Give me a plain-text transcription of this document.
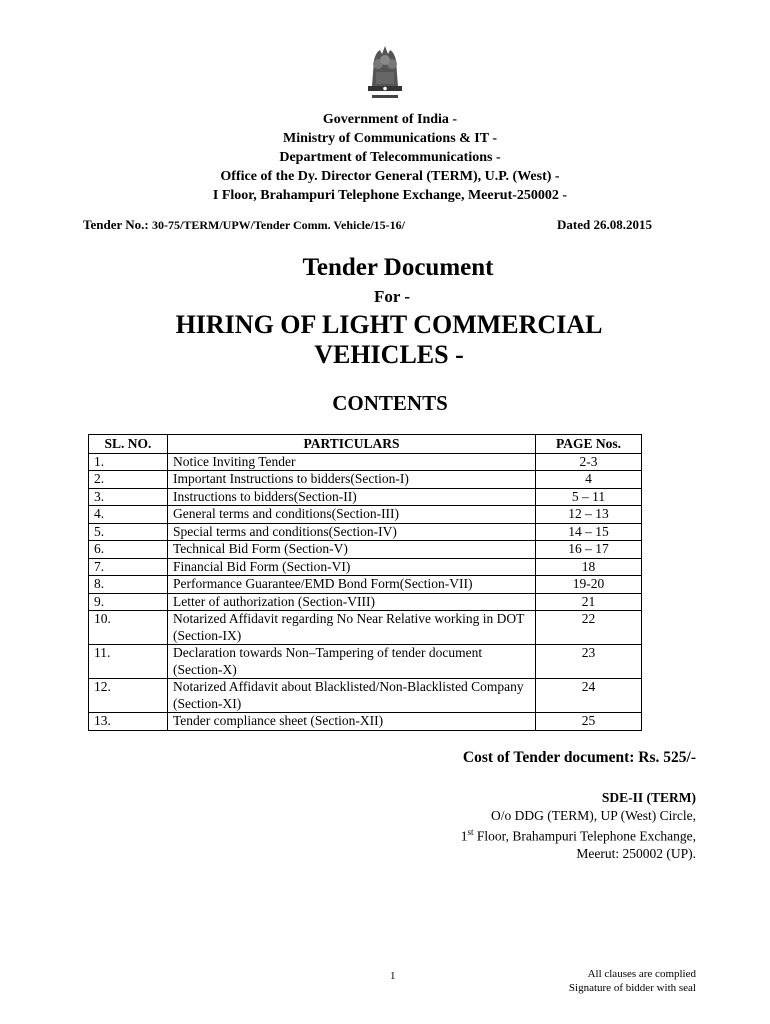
Government of India -
Ministry of Communications & IT -
Department of Telecommunications -
Office of the Dy. Director General (TERM), U.P. (West) -
I Floor, Brahampuri Telephone Exchange, Meerut-250002 -
Tender No.: 30-75/TERM/UPW/Tender Comm. Vehicle/15-16/	Dated 26.08.2015
Tender Document
For -
HIRING OF LIGHT COMMERCIAL
VEHICLES -
CONTENTS
SL. NO.	PARTICULARS	PAGE Nos.
1.	Notice Inviting Tender	2-3
2.	Important Instructions to bidders(Section-I)	4
3.	Instructions to bidders(Section-II)	5 – 11
4.	General terms and conditions(Section-III)	12 – 13
5.	Special terms and conditions(Section-IV)	14 – 15
6.	Technical Bid Form (Section-V)	16 – 17
7.	Financial Bid Form (Section-VI)	18
8.	Performance Guarantee/EMD Bond Form(Section-VII)	19-20
9.	Letter of authorization (Section-VIII)	21
10.	Notarized Affidavit regarding No Near Relative working in DOT (Section-IX)	22
11.	Declaration towards Non–Tampering of tender document (Section-X)	23
12.	Notarized Affidavit about Blacklisted/Non-Blacklisted Company (Section-XI)	24
13.	Tender compliance sheet (Section-XII)	25
Cost of Tender document: Rs. 525/-
SDE-II (TERM)
O/o DDG (TERM), UP (West) Circle,
1st Floor, Brahampuri Telephone Exchange,
Meerut: 250002 (UP).
1	All clauses are complied
Signature of bidder with seal
